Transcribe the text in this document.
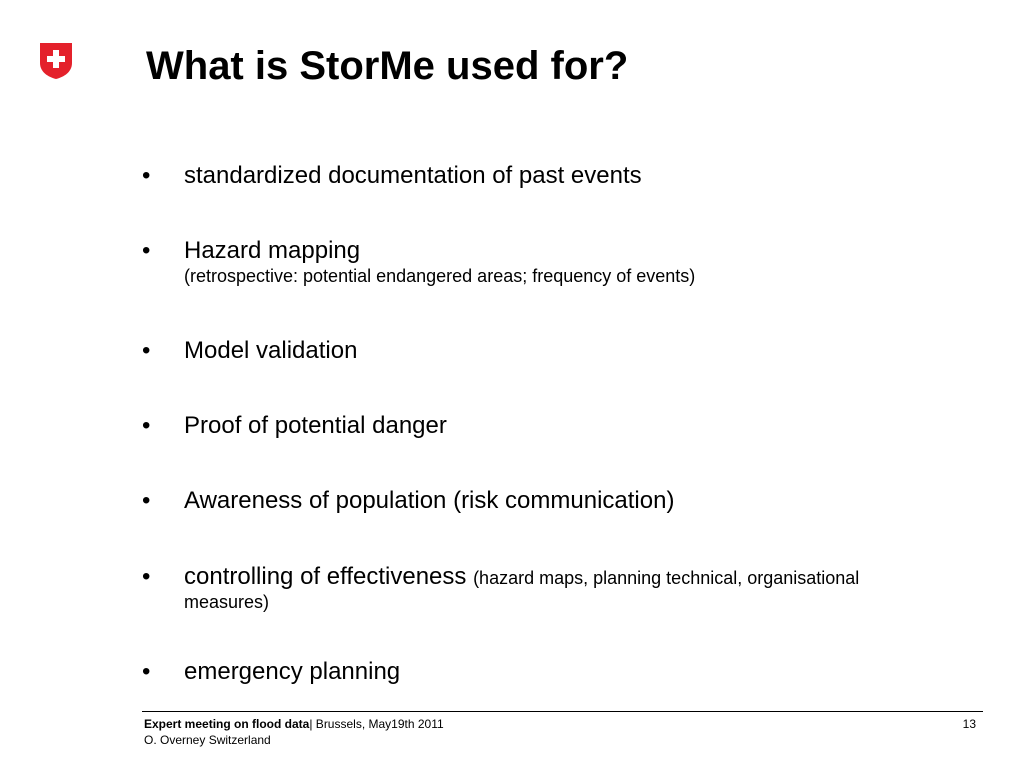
What is StorMe used for?
• standardized documentation of past events
• Hazard mapping
(retrospective: potential endangered areas; frequency of events)
• Model validation
• Proof of potential danger
• Awareness of population (risk communication)
• controlling of effectiveness (hazard maps, planning technical, organisational
measures)
• emergency planning
Expert meeting on flood data| Brussels, May19th 2011
O. Overney Switzerland
13
